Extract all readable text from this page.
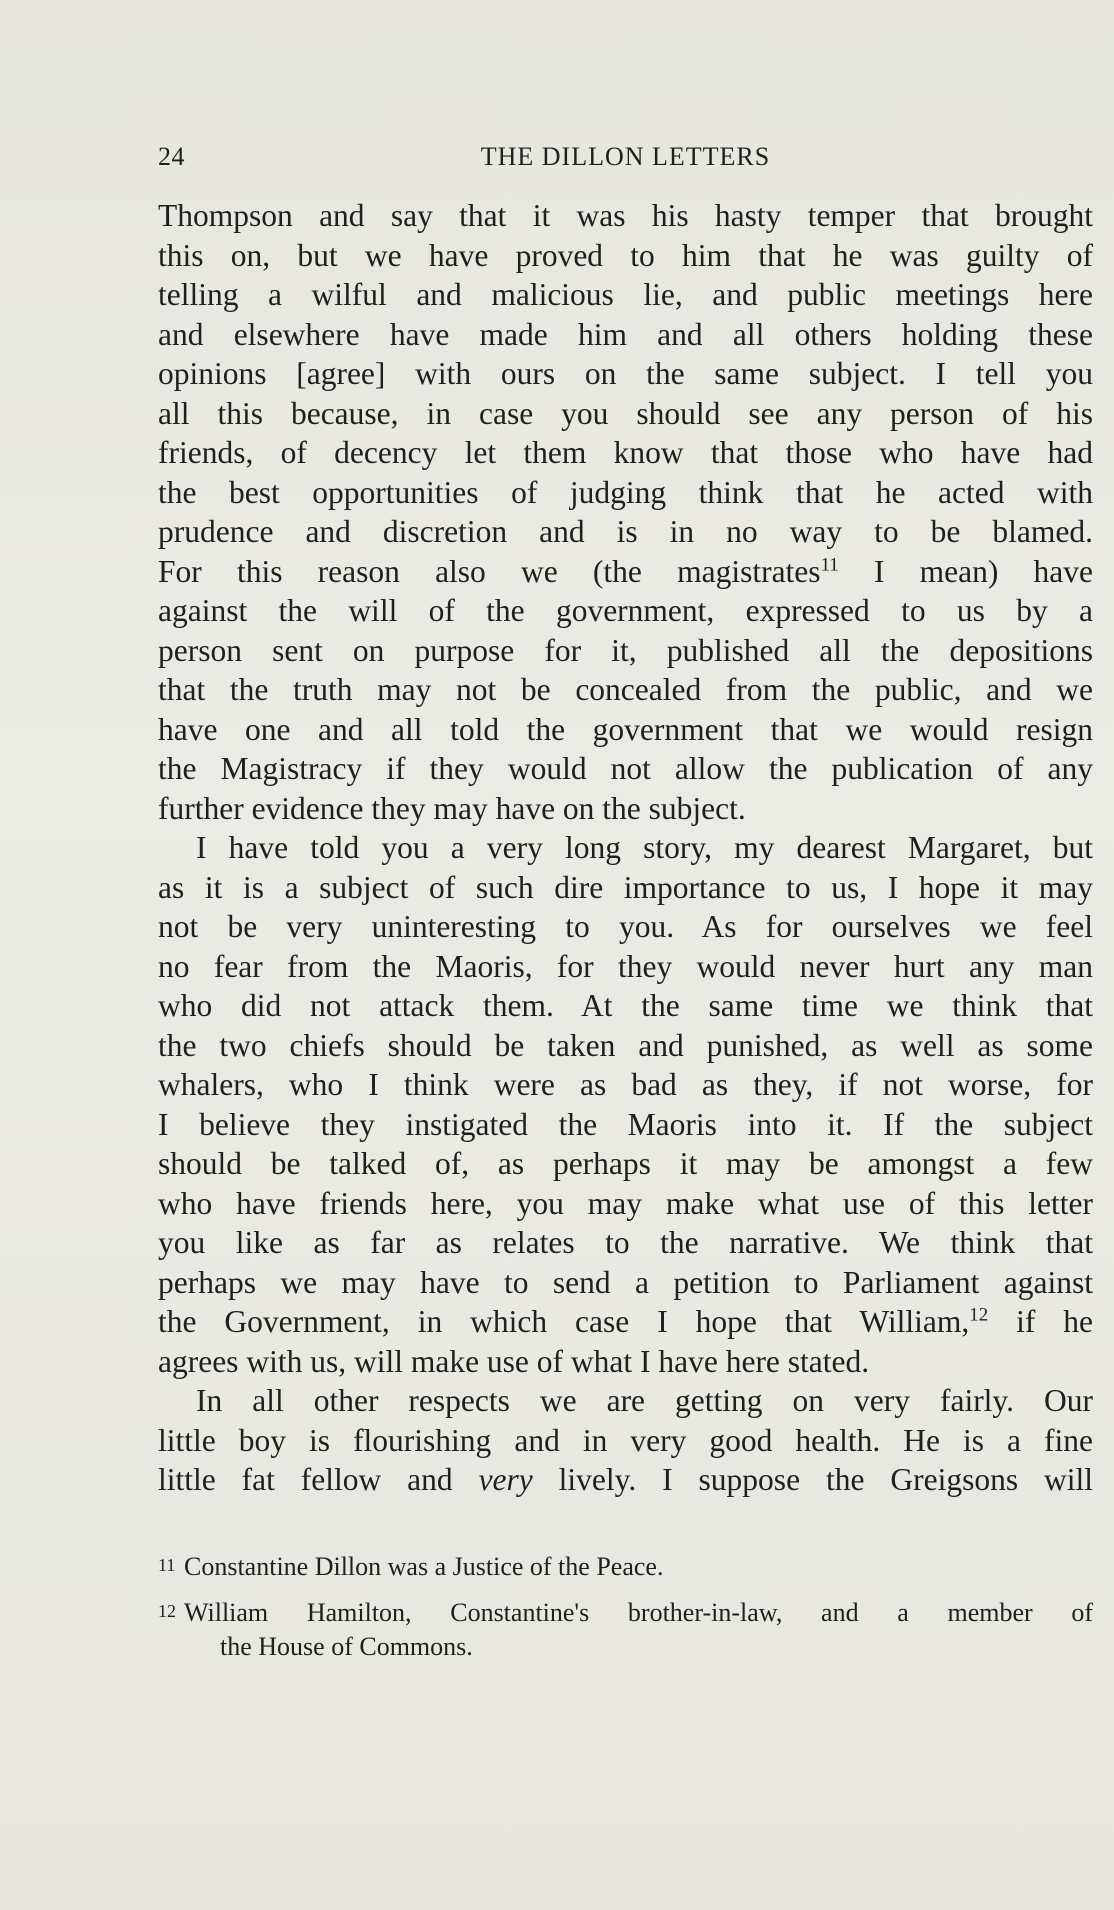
24	THE DILLON LETTERS

Thompson and say that it was his hasty temper that brought
this on, but we have proved to him that he was guilty of
telling a wilful and malicious lie, and public meetings here
and elsewhere have made him and all others holding these
opinions [agree] with ours on the same subject. I tell you
all this because, in case you should see any person of his
friends, of decency let them know that those who have had
the best opportunities of judging think that he acted with
prudence and discretion and is in no way to be blamed.
For this reason also we (the magistrates$^{11}$ I mean) have
against the will of the government, expressed to us by a
person sent on purpose for it, published all the depositions
that the truth may not be concealed from the public, and we
have one and all told the government that we would resign
the Magistracy if they would not allow the publication of any
further evidence they may have on the subject.

I have told you a very long story, my dearest Margaret, but
as it is a subject of such dire importance to us, I hope it may
not be very uninteresting to you. As for ourselves we feel
no fear from the Maoris, for they would never hurt any man
who did not attack them. At the same time we think that
the two chiefs should be taken and punished, as well as some
whalers, who I think were as bad as they, if not worse, for
I believe they instigated the Maoris into it. If the subject
should be talked of, as perhaps it may be amongst a few
who have friends here, you may make what use of this letter
you like as far as relates to the narrative. We think that
perhaps we may have to send a petition to Parliament against
the Government, in which case I hope that William,$^{12}$ if he
agrees with us, will make use of what I have here stated.

In all other respects we are getting on very fairly. Our
little boy is flourishing and in very good health. He is a fine
little fat fellow and very lively. I suppose the Greigsons will

11 Constantine Dillon was a Justice of the Peace.
12 William Hamilton, Constantine's brother-in-law, and a member of
the House of Commons.
